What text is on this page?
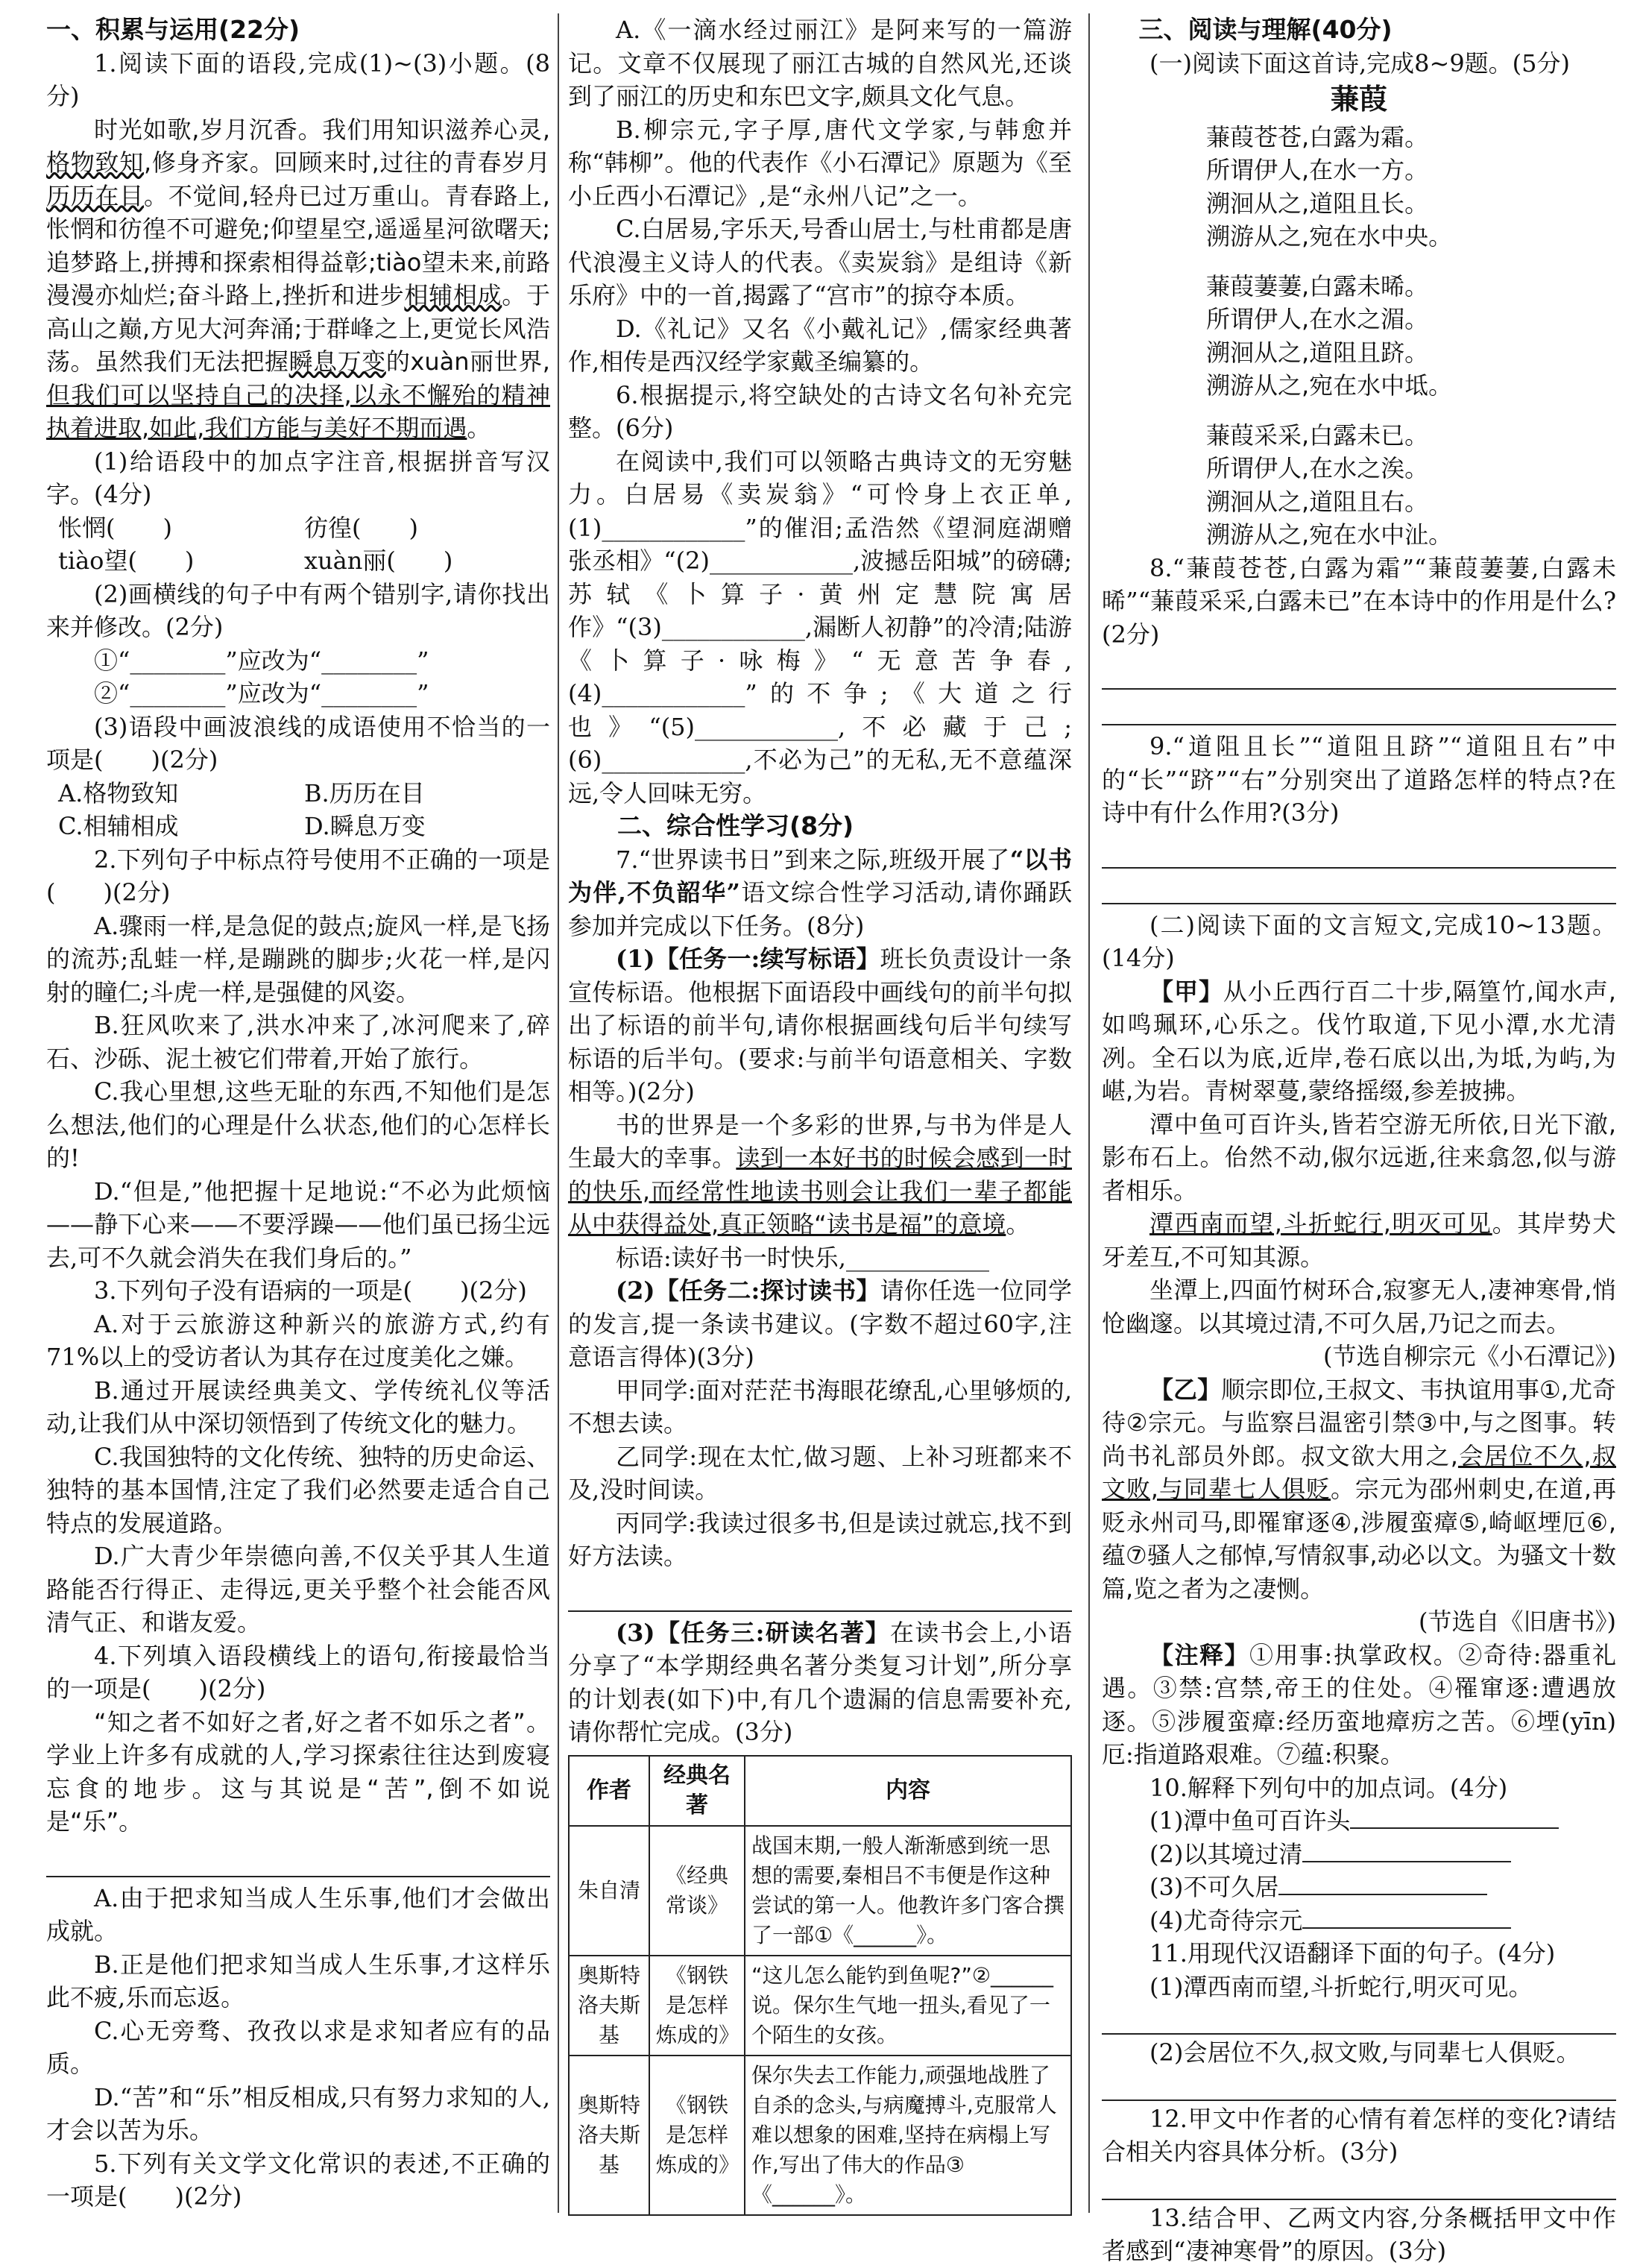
一、积累与运用(22分)

1.阅读下面的语段,完成(1)~(3)小题。(8分)

时光如歌,岁月沉香。我们用知识滋养心灵,格物致知,修身齐家。回顾来时,过往的青春岁月历历在目。不觉间,轻舟已过万重山。青春路上,怅惘和彷徨不可避免;仰望星空,遥遥星河欲曙天;追梦路上,拼搏和探索相得益彰;tiào望未来,前路漫漫亦灿烂;奋斗路上,挫折和进步相辅相成。于高山之巅,方见大河奔涌;于群峰之上,更觉长风浩荡。虽然我们无法把握瞬息万变的xuàn丽世界,但我们可以坚持自己的决择,以永不懈殆的精神执着进取,如此,我们方能与美好不期而遇。

(1)给语段中的加点字注音,根据拼音写汉字。(4分)

怅惘(　　)	彷徨(　　)
tiào望(　　)	xuàn丽(　　)

(2)画横线的句子中有两个错别字,请你找出来并修改。(2分)

①“________”应改为“________”

②“________”应改为“________”

(3)语段中画波浪线的成语使用不恰当的一项是(　　)(2分)

A.格物致知	B.历历在目
C.相辅相成	D.瞬息万变

2.下列句子中标点符号使用不正确的一项是(　　)(2分)

A.骤雨一样,是急促的鼓点;旋风一样,是飞扬的流苏;乱蛙一样,是蹦跳的脚步;火花一样,是闪射的瞳仁;斗虎一样,是强健的风姿。

B.狂风吹来了,洪水冲来了,冰河爬来了,碎石、沙砾、泥土被它们带着,开始了旅行。

C.我心里想,这些无耻的东西,不知他们是怎么想法,他们的心理是什么状态,他们的心怎样长的!

D.“但是,”他把握十足地说:“不必为此烦恼——静下心来——不要浮躁——他们虽已扬尘远去,可不久就会消失在我们身后的。”

3.下列句子没有语病的一项是(　　)(2分)

A.对于云旅游这种新兴的旅游方式,约有71%以上的受访者认为其存在过度美化之嫌。

B.通过开展读经典美文、学传统礼仪等活动,让我们从中深切领悟到了传统文化的魅力。

C.我国独特的文化传统、独特的历史命运、独特的基本国情,注定了我们必然要走适合自己特点的发展道路。

D.广大青少年崇德向善,不仅关乎其人生道路能否行得正、走得远,更关乎整个社会能否风清气正、和谐友爱。

4.下列填入语段横线上的语句,衔接最恰当的一项是(　　)(2分)

“知之者不如好之者,好之者不如乐之者”。学业上许多有成就的人,学习探索往往达到废寝忘食的地步。这与其说是“苦”,倒不如说是“乐”。

A.由于把求知当成人生乐事,他们才会做出成就。

B.正是他们把求知当成人生乐事,才这样乐此不疲,乐而忘返。

C.心无旁骛、孜孜以求是求知者应有的品质。

D.“苦”和“乐”相反相成,只有努力求知的人,才会以苦为乐。

5.下列有关文学文化常识的表述,不正确的一项是(　　)(2分)

A.《一滴水经过丽江》是阿来写的一篇游记。文章不仅展现了丽江古城的自然风光,还谈到了丽江的历史和东巴文字,颇具文化气息。

B.柳宗元,字子厚,唐代文学家,与韩愈并称“韩柳”。他的代表作《小石潭记》原题为《至小丘西小石潭记》,是“永州八记”之一。

C.白居易,字乐天,号香山居士,与杜甫都是唐代浪漫主义诗人的代表。《卖炭翁》是组诗《新乐府》中的一首,揭露了“宫市”的掠夺本质。

D.《礼记》又名《小戴礼记》,儒家经典著作,相传是西汉经学家戴圣编纂的。

6.根据提示,将空缺处的古诗文名句补充完整。(6分)

在阅读中,我们可以领略古典诗文的无穷魅力。白居易《卖炭翁》“可怜身上衣正单,(1)____________”的催泪;孟浩然《望洞庭湖赠张丞相》“(2)____________,波撼岳阳城”的磅礴;苏轼《卜算子·黄州定慧院寓居作》“(3)____________,漏断人初静”的冷清;陆游《卜算子·咏梅》“无意苦争春,(4)____________”的不争;《大道之行也》“(5)____________,不必藏于己;(6)____________,不必为己”的无私,无不意蕴深远,令人回味无穷。

二、综合性学习(8分)

7.“世界读书日”到来之际,班级开展了“以书为伴,不负韶华”语文综合性学习活动,请你踊跃参加并完成以下任务。(8分)

(1)【任务一:续写标语】班长负责设计一条宣传标语。他根据下面语段中画线句的前半句拟出了标语的前半句,请你根据画线句后半句续写标语的后半句。(要求:与前半句语意相关、字数相等。)(2分)

书的世界是一个多彩的世界,与书为伴是人生最大的幸事。读到一本好书的时候会感到一时的快乐,而经常性地读书则会让我们一辈子都能从中获得益处,真正领略“读书是福”的意境。

标语:读好书一时快乐,____________

(2)【任务二:探讨读书】请你任选一位同学的发言,提一条读书建议。(字数不超过60字,注意语言得体)(3分)

甲同学:面对茫茫书海眼花缭乱,心里够烦的,不想去读。

乙同学:现在太忙,做习题、上补习班都来不及,没时间读。

丙同学:我读过很多书,但是读过就忘,找不到好方法读。

(3)【任务三:研读名著】在读书会上,小语分享了“本学期经典名著分类复习计划”,所分享的计划表(如下)中,有几个遗漏的信息需要补充,请你帮忙完成。(3分)

作者	经典名著	内容
朱自清	《经典常谈》	战国末期,一般人渐渐感到统一思想的需要,秦相吕不韦便是作这种尝试的第一人。他教许多门客合撰了一部①《______》。
奥斯特洛夫斯基	《钢铁是怎样炼成的》	“这儿怎么能钓到鱼呢?”②______说。保尔生气地一扭头,看见了一个陌生的女孩。
奥斯特洛夫斯基	《钢铁是怎样炼成的》	保尔失去工作能力,顽强地战胜了自杀的念头,与病魔搏斗,克服常人难以想象的困难,坚持在病榻上写作,写出了伟大的作品③《______》。
三、阅读与理解(40分)

(一)阅读下面这首诗,完成8~9题。(5分)

蒹葭

蒹葭苍苍,白露为霜。

所谓伊人,在水一方。

溯洄从之,道阻且长。

溯游从之,宛在水中央。

蒹葭萋萋,白露未晞。

所谓伊人,在水之湄。

溯洄从之,道阻且跻。

溯游从之,宛在水中坻。

蒹葭采采,白露未已。

所谓伊人,在水之涘。

溯洄从之,道阻且右。

溯游从之,宛在水中沚。

8.“蒹葭苍苍,白露为霜”“蒹葭萋萋,白露未晞”“蒹葭采采,白露未已”在本诗中的作用是什么?(2分)

9.“道阻且长”“道阻且跻”“道阻且右”中的“长”“跻”“右”分别突出了道路怎样的特点?在诗中有什么作用?(3分)

(二)阅读下面的文言短文,完成10~13题。(14分)

【甲】从小丘西行百二十步,隔篁竹,闻水声,如鸣珮环,心乐之。伐竹取道,下见小潭,水尤清冽。全石以为底,近岸,卷石底以出,为坻,为屿,为嵁,为岩。青树翠蔓,蒙络摇缀,参差披拂。

潭中鱼可百许头,皆若空游无所依,日光下澈,影布石上。佁然不动,俶尔远逝,往来翕忽,似与游者相乐。

潭西南而望,斗折蛇行,明灭可见。其岸势犬牙差互,不可知其源。

坐潭上,四面竹树环合,寂寥无人,凄神寒骨,悄怆幽邃。以其境过清,不可久居,乃记之而去。

(节选自柳宗元《小石潭记》)

【乙】顺宗即位,王叔文、韦执谊用事①,尤奇待②宗元。与监察吕温密引禁③中,与之图事。转尚书礼部员外郎。叔文欲大用之,会居位不久,叔文败,与同辈七人俱贬。宗元为邵州刺史,在道,再贬永州司马,即罹窜逐④,涉履蛮瘴⑤,崎岖堙厄⑥,蕴⑦骚人之郁悼,写情叙事,动必以文。为骚文十数篇,览之者为之凄恻。

(节选自《旧唐书》)

【注释】①用事:执掌政权。②奇待:器重礼遇。③禁:宫禁,帝王的住处。④罹窜逐:遭遇放逐。⑤涉履蛮瘴:经历蛮地瘴疠之苦。⑥堙(yīn)厄:指道路艰难。⑦蕴:积聚。

10.解释下列句中的加点词。(4分)

(1)潭中鱼可百许头

(2)以其境过清

(3)不可久居

(4)尤奇待宗元

11.用现代汉语翻译下面的句子。(4分)

(1)潭西南而望,斗折蛇行,明灭可见。

(2)会居位不久,叔文败,与同辈七人俱贬。

12.甲文中作者的心情有着怎样的变化?请结合相关内容具体分析。(3分)

13.结合甲、乙两文内容,分条概括甲文中作者感到“凄神寒骨”的原因。(3分)
